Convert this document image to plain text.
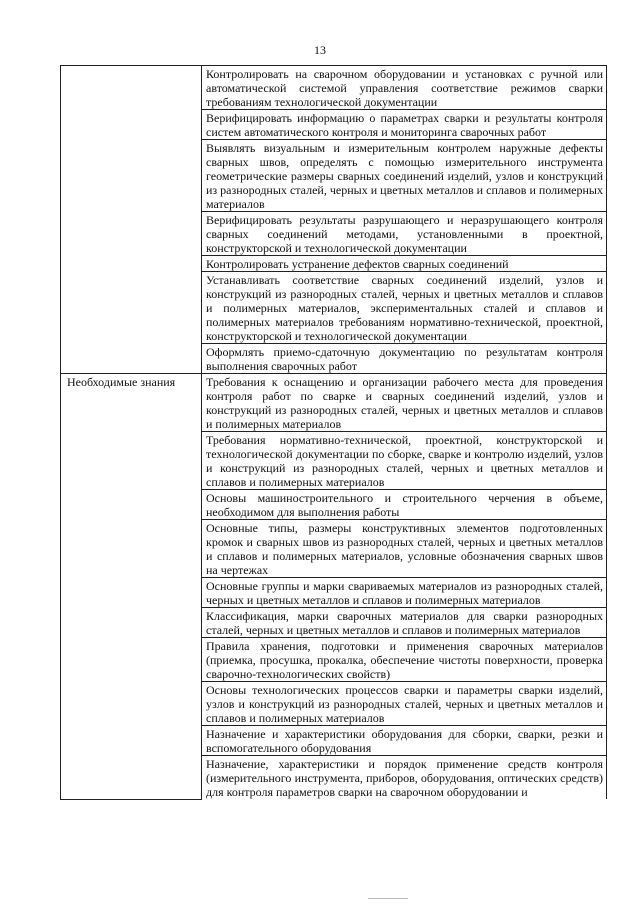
13
	Контролировать на сварочном оборудовании и установках с ручной или автоматической системой управления соответствие режимов сварки требованиям технологической документации
	Верифицировать информацию о параметрах сварки и результаты контроля систем автоматического контроля и мониторинга сварочных работ
	Выявлять визуальным и измерительным контролем наружные дефекты сварных швов, определять с помощью измерительного инструмента геометрические размеры сварных соединений изделий, узлов и конструкций из разнородных сталей, черных и цветных металлов и сплавов и полимерных материалов
	Верифицировать результаты разрушающего и неразрушающего контроля сварных соединений методами, установленными в проектной, конструкторской и технологической документации
	Контролировать устранение дефектов сварных соединений
	Устанавливать соответствие сварных соединений изделий, узлов и конструкций из разнородных сталей, черных и цветных металлов и сплавов и полимерных материалов, экспериментальных сталей и сплавов и полимерных материалов требованиям нормативно-технической, проектной, конструкторской и технологической документации
	Оформлять приемо-сдаточную документацию по результатам контроля выполнения сварочных работ
Необходимые знания	Требования к оснащению и организации рабочего места для проведения контроля работ по сварке и сварных соединений изделий, узлов и конструкций из разнородных сталей, черных и цветных металлов и сплавов и полимерных материалов
	Требования нормативно-технической, проектной, конструкторской и технологической документации по сборке, сварке и контролю изделий, узлов и конструкций из разнородных сталей, черных и цветных металлов и сплавов и полимерных материалов
	Основы машиностроительного и строительного черчения в объеме, необходимом для выполнения работы
	Основные типы, размеры конструктивных элементов подготовленных кромок и сварных швов из разнородных сталей, черных и цветных металлов и сплавов и полимерных материалов, условные обозначения сварных швов на чертежах
	Основные группы и марки свариваемых материалов из разнородных сталей, черных и цветных металлов и сплавов и полимерных материалов
	Классификация, марки сварочных материалов для сварки разнородных сталей, черных и цветных металлов и сплавов и полимерных материалов
	Правила хранения, подготовки и применения сварочных материалов (приемка, просушка, прокалка, обеспечение чистоты поверхности, проверка сварочно-технологических свойств)
	Основы технологических процессов сварки и параметры сварки изделий, узлов и конструкций из разнородных сталей, черных и цветных металлов и сплавов и полимерных материалов
	Назначение и характеристики оборудования для сборки, сварки, резки и вспомогательного оборудования
	Назначение, характеристики и порядок применение средств контроля (измерительного инструмента, приборов, оборудования, оптических средств) для контроля параметров сварки на сварочном оборудовании и
